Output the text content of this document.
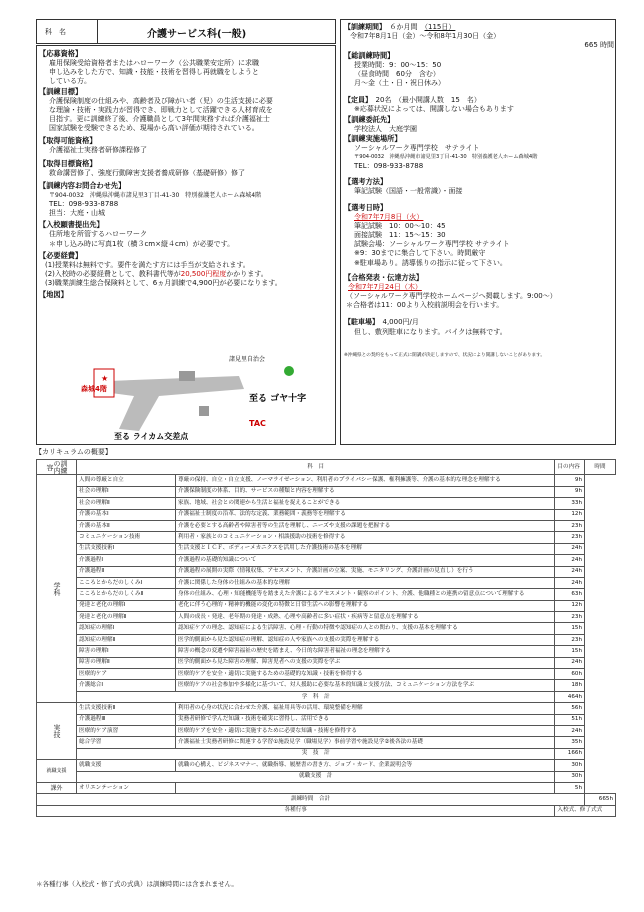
科　名	介護サービス科(一般)
【応募資格】
雇用保険受給資格者またはハローワーク（公共職業安定所）に求職
申し込みをした方で、知識・技能・技術を習得し再就職をしようと
している方。
【訓練目標】
介護保険制度の仕組みや、高齢者及び障がい者（児）の生活支援に必要
な理論・技術・実践力が習得でき、即戦力として活躍できる人材育成を
目指す。更に訓練終了後、介護職員として3年間実務すれば介護福祉士
国家試験を受験できるため、現場から高い評価が期待されている。
【取得可能資格】
介護福祉士実務者研修課程修了
【取得目標資格】
救命講習修了、強度行動障害支援者養成研修（基礎研修）修了
【訓練内容お問合わせ先】
〒904-0032　沖縄県沖縄市諸見里3丁目-41-30　特別養護老人ホーム森城4階
TEL：098-933-8788
担当：大庭・山城
【入校願書提出先】
住所地を所管するハローワーク
＊申し込み時に写真1枚（横３cm×縦４cm）が必要です。
【必要経費】
(1)授業料は無料です。要件を満たす方には手当が支給されます。
(2)入校時の必要経費として、教科書代等が20,500円程度かかります。
(3)職業訓練生総合保険料として、6ヵ月訓練で4,900円が必要になります。
【地図】
★
森城4階
至る ゴヤ十字
至る ライカム交差点
TAC
諸見里自治会
【訓練期間】　 ６か月間　 （115日）
令和7年8月1日（金）～令和8年1月30日（金）
665 時間
【総訓練時間】
授業時間：9：00～15：50
（昼食時間　60分　含む）
月～金（土・日・祝日休み）
【定員】　 20名　（最小開講人数　15　名）
※応募状況によっては、開講しない場合もあります
【訓練委託先】
学校法人　大庭学園
【訓練実施場所】
ソーシャルワーク専門学校　サテライト
〒904-0032　沖縄県沖縄市諸見里3丁目-41-30　特別養護老人ホーム森城4階
TEL：098-933-8788
【選考方法】
筆記試験（国語・一般常識）・面接
【選考日時】
令和7年7月8日（火）
筆記試験　10：00～10：45
面接試験　11：15～15：30
試験会場：ソーシャルワーク専門学校 サテライト
※9：30までに集合して下さい。時間厳守
※駐車場あり。誘導係りの指示に従って下さい。
【合格発表・伝達方法】
令和7年7月24日（木）
（ソーシャルワーク専門学校ホームページへ掲載します。9:00～）
＊合格者は11：00より入校前説明会を行います。
【駐車場】　 4,000円/月
但し、敷列駐車になります。バイクは無料です。
※沖縄県との契約をもって正式に開講が決定しますので、状況により開講しないことがあります。
【カリキュラムの概要】
訓練の内容	科　目		目の内容	時間
学科	人間の尊厳と自立	尊厳の保持、自立・自立支援、ノーマライゼーション、利用者のプライバシー保護、権利擁護等、介護の基本的な理念を理解する	9h	
	社会の理解Ⅰ	介護保険制度の体系、目的、サービスの種類と内容を理解する	9h	
	社会の理解Ⅱ	家族、地域、社会との関連から生活と福祉を捉えることができる	33h	
	介護の基本Ⅰ	介護福祉士制度の沿革、法的な定義、業務範囲・義務等を理解する	12h	
	介護の基本Ⅱ	介護を必要とする高齢者や障害者等の生活を理解し、ニーズや支援の課題を把握する	23h	
	コミュニケーション技術	利用者・家族とのコミュニケーション・相談援助の技術を修得する	23h	
	生活支援技術Ⅰ	生活支援とＩＣＦ、ボディーメカニクスを活用した介護技術の基本を理解	24h	
	介護過程Ⅰ	介護過程の基礎的知識について	24h	
	介護過程Ⅱ	介護過程の展開の実際（情報収集、アセスメント、介護計画の立案、実施、モニタリング、介護計画の見直し）を行う	24h	
	こころとからだのしくみⅠ	介護に関係した身体の仕組みの基本的な理解	24h	
	こころとからだのしくみⅡ	身体の仕組み、心理・知能機能等を踏まえた介護によるアセスメント・観察のポイント、介護、他職種との連携の留意点について理解する	63h	
	発達と老化の理解Ⅰ	老化に伴う心理的・精神的機能の変化の特徴と日常生活への影響を理解する	12h	
	発達と老化の理解Ⅱ	人間の成長・発達、老年期の発達・成熟、心理や高齢者に多い症状・疾病等と留意点を理解する	23h	
	認知症の理解Ⅰ	認知症ケアの理念、認知症による生活障害、心理・行動の特徴や認知症の人との関わり、支援の基本を理解する	15h	
	認知症の理解Ⅱ	医学的側面から見た認知症の理解、認知症の人や家族への支援の実際を理解する	23h	
	障害の理解Ⅰ	障害の概念の変遷や障害福祉の歴史を踏まえ、今日的な障害者福祉の理念を理解する	15h	
	障害の理解Ⅱ	医学的側面から見た障害の理解、障害児者への支援の実際を学ぶ	24h	
	医療的ケア	医療的ケアを安全・適切に実施するための基礎的な知識・技術を修得する	60h	
	介護総合Ⅰ	医療的ケアの社会参加や多様化に基づいて、対人援助に必要な基本的知識と支援方法、コミュニケーション方法を学ぶ	18h	
	学　科　計		464h	
実技	生活支援技術Ⅱ	利用者の心身の状況に合わせた介護、福祉用具等の活用、環境整備を理解	56h	
	介護過程Ⅲ	実務者研修で学んだ知識・技術を確実に習得し、活用できる	51h	
	医療的ケア演習	医療的ケアを安全・適切に実施するために必要な知識・技術を修得する	24h	
	総合学習	介護福祉士実務者研修に関連する学習①施設見学（職場見学）事前学習や施設見学②後各法の基礎	35h	
	実　技　計		166h	
就職支援	就職支援	就職の心構え、ビジネスマナー、就職指導、履歴書の書き方、ジョブ・カード、企業説明会等	30h	
	就職支援　計		30h	
課外	オリエンテーション		5h	
訓練時間　合計				665h
各種行事			入校式、修了式式	
＊各種行事（入校式・修了式の式典）は訓練時間には含まれません。
